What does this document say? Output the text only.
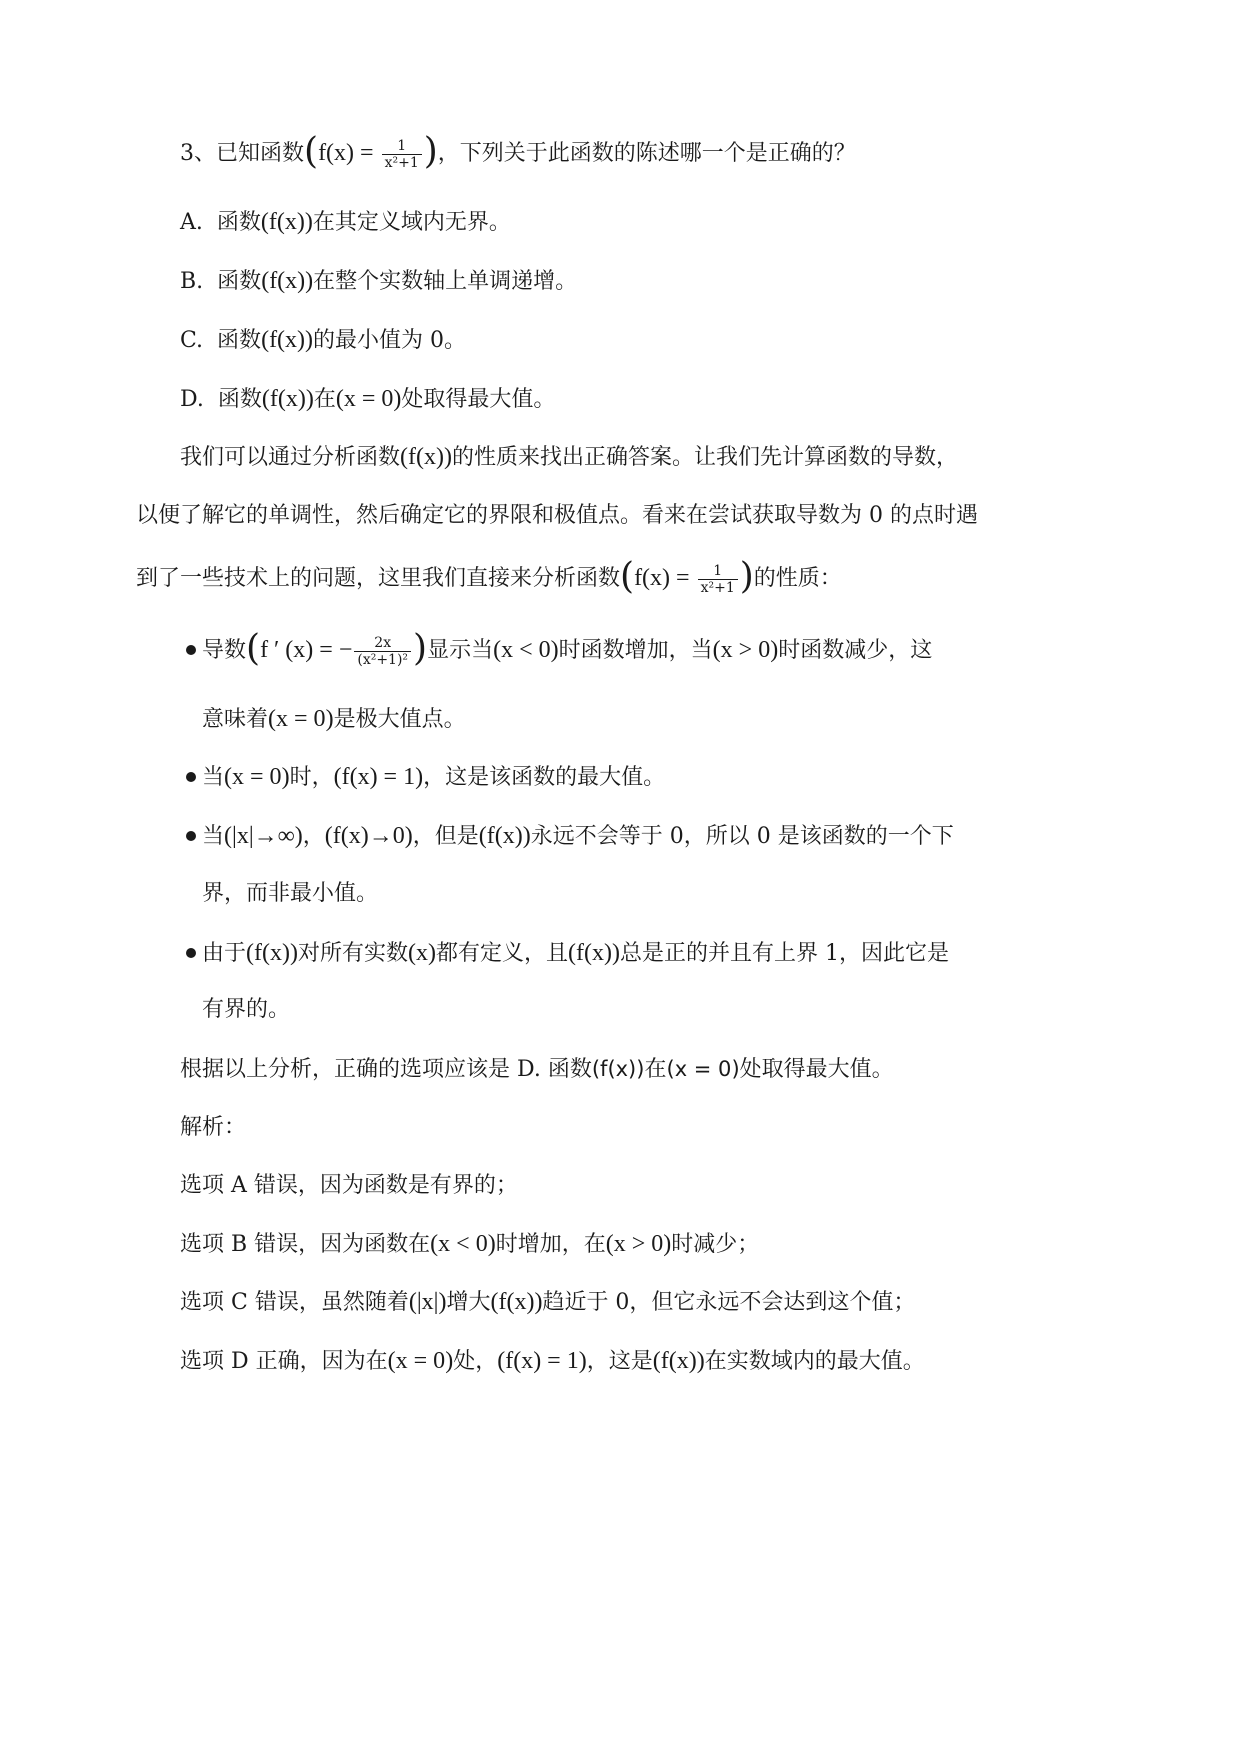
3、已知函数($f(x) = \frac{1}{\text{x²+1}}$ )，下列关于此函数的陈述哪一个是正确的？
A. 函数(f(x))在其定义域内无界。
B. 函数(f(x))在整个实数轴上单调递增。
C. 函数(f(x))的最小值为 0。
D. 函数(f(x))在(x = 0)处取得最大值。
我们可以通过分析函数(f(x))的性质来找出正确答案。让我们先计算函数的导数，
以便了解它的单调性，然后确定它的界限和极值点。看来在尝试获取导数为 0 的点时遇
到了一些技术上的问题，这里我们直接来分析函数($f(x) = \frac{1}{\text{x²+1}}$ )的性质：
导数(f ′ (x) = − $\frac{2x}{\text{(x²+1)²}}$ )显示当(x < 0)时函数增加，当(x > 0)时函数减少，这
意味着(x = 0)是极大值点。
当(x = 0)时，(f(x) = 1)，这是该函数的最大值。
当(|x|→∞)，(f(x)→0)，但是(f(x))永远不会等于 0，所以 0 是该函数的一个下
界，而非最小值。
由于(f(x))对所有实数(x)都有定义，且(f(x))总是正的并且有上界 1，因此它是
有界的。
根据以上分析，正确的选项应该是 D. 函数(f(x))在(x = 0)处取得最大值。
解析：
选项 A 错误，因为函数是有界的；
选项 B 错误，因为函数在(x < 0)时增加，在(x > 0)时减少；
选项 C 错误，虽然随着(|x|)增大(f(x))趋近于 0，但它永远不会达到这个值；
选项 D 正确，因为在(x = 0)处，(f(x) = 1)，这是(f(x))在实数域内的最大值。
